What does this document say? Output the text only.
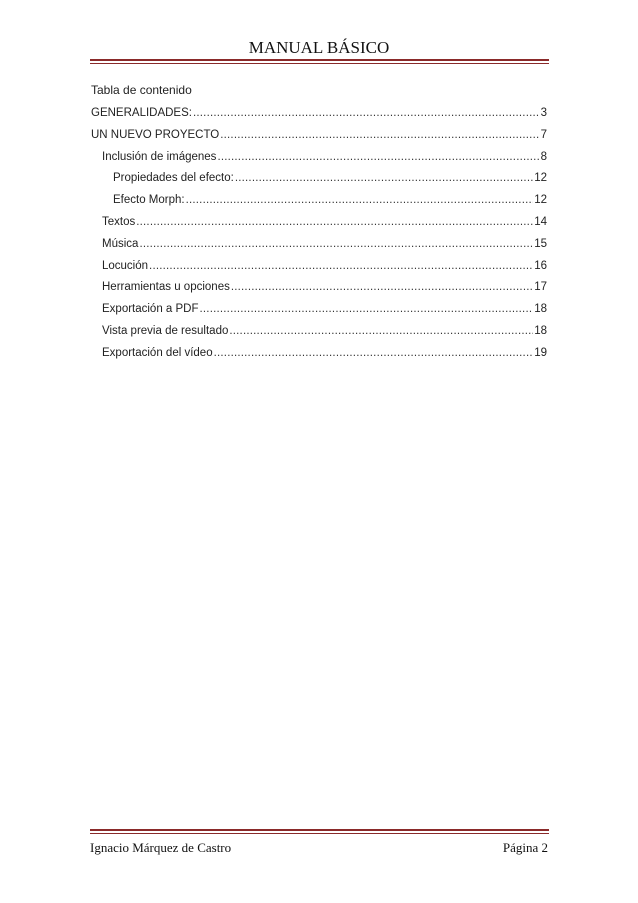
MANUAL BÁSICO
Tabla de contenido
GENERALIDADES: .....	3
UN NUEVO PROYECTO .....	7
Inclusión de imágenes .....	8
Propiedades del efecto: .....	12
Efecto Morph: .....	12
Textos .....	14
Música .....	15
Locución .....	16
Herramientas u opciones .....	17
Exportación a PDF .....	18
Vista previa de resultado .....	18
Exportación del vídeo .....	19
Ignacio Márquez de Castro	Página 2
